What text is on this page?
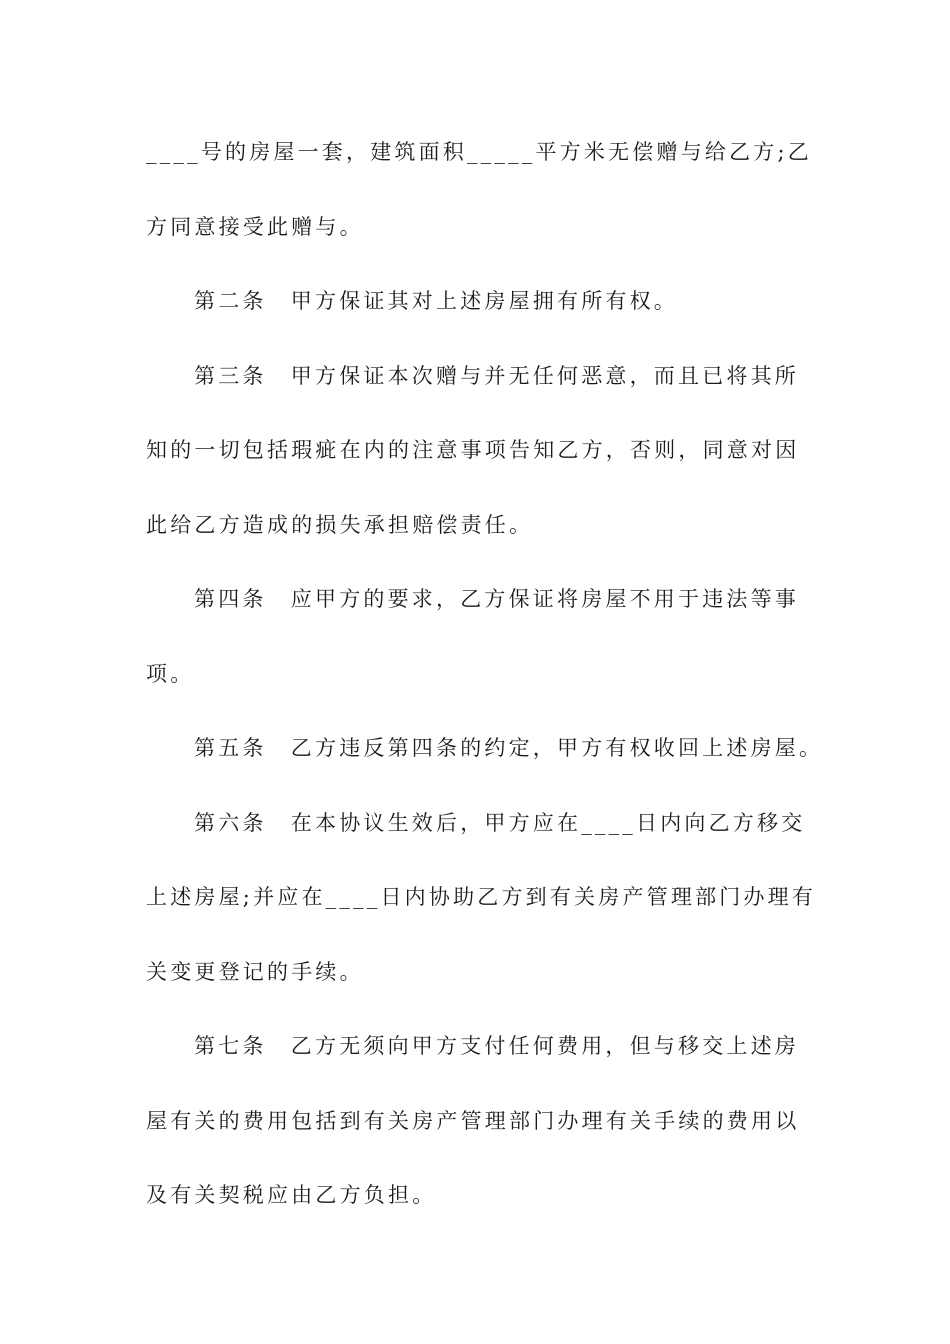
____号的房屋一套，建筑面积_____平方米无偿赠与给乙方;乙
方同意接受此赠与。
第二条　甲方保证其对上述房屋拥有所有权。
第三条　甲方保证本次赠与并无任何恶意，而且已将其所
知的一切包括瑕疵在内的注意事项告知乙方，否则，同意对因
此给乙方造成的损失承担赔偿责任。
第四条　应甲方的要求，乙方保证将房屋不用于违法等事
项。
第五条　乙方违反第四条的约定，甲方有权收回上述房屋。
第六条　在本协议生效后，甲方应在____日内向乙方移交
上述房屋;并应在____日内协助乙方到有关房产管理部门办理有
关变更登记的手续。
第七条　乙方无须向甲方支付任何费用，但与移交上述房
屋有关的费用包括到有关房产管理部门办理有关手续的费用以
及有关契税应由乙方负担。
